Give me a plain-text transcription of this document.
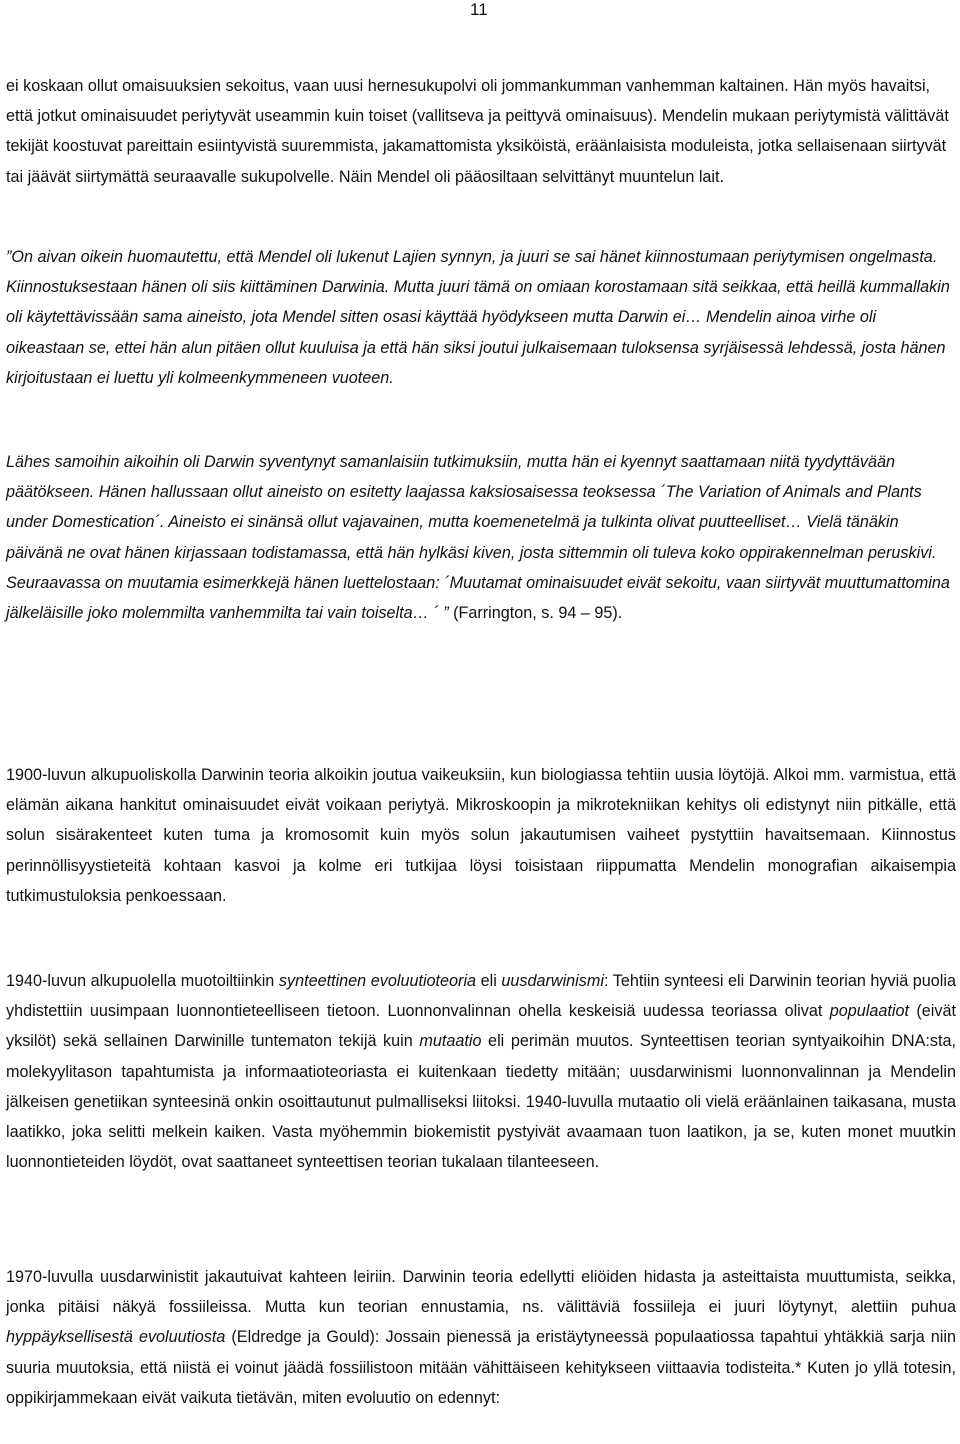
11

ei koskaan ollut omaisuuksien sekoitus, vaan uusi hernesukupolvi oli jommankumman vanhemman kaltainen. Hän myös havaitsi, että jotkut ominaisuudet periytyvät useammin kuin toiset (vallitseva ja peittyvä ominaisuus). Mendelin mukaan periytymistä välittävät tekijät koostuvat pareittain esiintyvistä suuremmista, jakamattomista yksiköistä, eräänlaisista moduleista, jotka sellaisenaan siirtyvät tai jäävät siirtymättä seuraavalle sukupolvelle. Näin Mendel oli pääosiltaan selvittänyt muuntelun lait.

”On aivan oikein huomautettu, että Mendel oli lukenut Lajien synnyn, ja juuri se sai hänet kiinnostumaan periytymisen ongelmasta. Kiinnostuksestaan hänen oli siis kiittäminen Darwinia. Mutta juuri tämä on omiaan korostamaan sitä seikkaa, että heillä kummallakin oli käytettävissään sama aineisto, jota Mendel sitten osasi käyttää hyödykseen mutta Darwin ei… Mendelin ainoa virhe oli oikeastaan se, ettei hän alun pitäen ollut kuuluisa ja että hän siksi joutui julkaisemaan tuloksensa syrjäisessä lehdessä, josta hänen kirjoitustaan ei luettu yli kolmeenkymmeneen vuoteen.

Lähes samoihin aikoihin oli Darwin syventynyt samanlaisiin tutkimuksiin, mutta hän ei kyennyt saattamaan niitä tyydyttävään päätökseen. Hänen hallussaan ollut aineisto on esitetty laajassa kaksiosaisessa teoksessa ´The Variation of Animals and Plants under Domestication´. Aineisto ei sinänsä ollut vajavainen, mutta koemenetelmä ja tulkinta olivat puutteelliset… Vielä tänäkin päivänä ne ovat hänen kirjassaan todistamassa, että hän hylkäsi kiven, josta sittemmin oli tuleva koko oppirakennelman peruskivi. Seuraavassa on muutamia esimerkkejä hänen luettelostaan: ´Muutamat ominaisuudet eivät sekoitu, vaan siirtyvät muuttumattomina jälkeläisille joko molemmilta vanhemmilta tai vain toiselta… ´ ” (Farrington, s. 94 – 95).

1900-luvun alkupuoliskolla Darwinin teoria alkoikin joutua vaikeuksiin, kun biologiassa tehtiin uusia löytöjä. Alkoi mm. varmistua, että elämän aikana hankitut ominaisuudet eivät voikaan periytyä. Mikroskoopin ja mikrotekniikan kehitys oli edistynyt niin pitkälle, että solun sisärakenteet kuten tuma ja kromosomit kuin myös solun jakautumisen vaiheet pystyttiin havaitsemaan. Kiinnostus perinnöllisyystieteitä kohtaan kasvoi ja kolme eri tutkijaa löysi toisistaan riippumatta Mendelin monografian aikaisempia tutkimustuloksia penkoessaan.

1940-luvun alkupuolella muotoiltiinkin synteettinen evoluutioteoria eli uusdarwinismi: Tehtiin synteesi eli Darwinin teorian hyviä puolia yhdistettiin uusimpaan luonnontieteelliseen tietoon. Luonnonvalinnan ohella keskeisiä uudessa teoriassa olivat populaatiot (eivät yksilöt) sekä sellainen Darwinille tuntematon tekijä kuin mutaatio eli perimän muutos. Synteettisen teorian syntyaikoihin DNA:sta, molekyylitason tapahtumista ja informaatioteoriasta ei kuitenkaan tiedetty mitään; uusdarwinismi luonnonvalinnan ja Mendelin jälkeisen genetiikan synteesinä onkin osoittautunut pulmalliseksi liitoksi. 1940-luvulla mutaatio oli vielä eräänlainen taikasana, musta laatikko, joka selitti melkein kaiken. Vasta myöhemmin biokemistit pystyivät avaamaan tuon laatikon, ja se, kuten monet muutkin luonnontieteiden löydöt, ovat saattaneet synteettisen teorian tukalaan tilanteeseen.

1970-luvulla uusdarwinistit jakautuivat kahteen leiriin. Darwinin teoria edellytti eliöiden hidasta ja asteittaista muuttumista, seikka, jonka pitäisi näkyä fossiileissa. Mutta kun teorian ennustamia, ns. välittäviä fossiileja ei juuri löytynyt, alettiin puhua hyppäyksellisestä evoluutiosta (Eldredge ja Gould): Jossain pienessä ja eristäytyneessä populaatiossa tapahtui yhtäkkiä sarja niin suuria muutoksia, että niistä ei voinut jäädä fossiilistoon mitään vähittäiseen kehitykseen viittaavia todisteita.* Kuten jo yllä totesin, oppikirjammekaan eivät vaikuta tietävän, miten evoluutio on edennyt:
